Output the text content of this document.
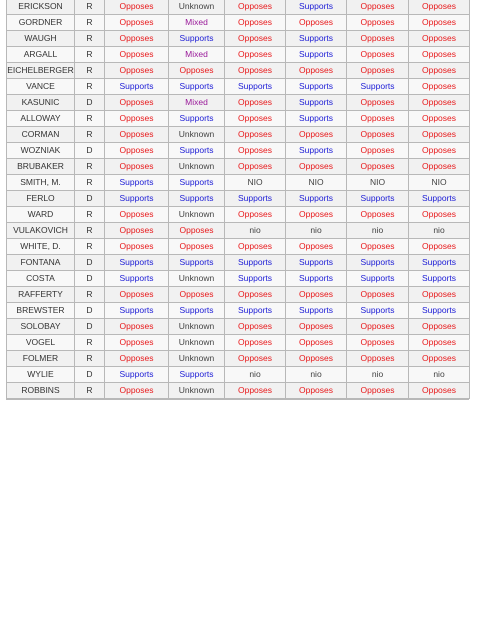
ERICKSON	R	Opposes	Unknown	Opposes	Supports	Opposes	Opposes
GORDNER	R	Opposes	Mixed	Opposes	Opposes	Opposes	Opposes
WAUGH	R	Opposes	Supports	Opposes	Supports	Opposes	Opposes
ARGALL	R	Opposes	Mixed	Opposes	Supports	Opposes	Opposes
EICHELBERGER	R	Opposes	Opposes	Opposes	Opposes	Opposes	Opposes
VANCE	R	Supports	Supports	Supports	Supports	Supports	Opposes
KASUNIC	D	Opposes	Mixed	Opposes	Supports	Opposes	Opposes
ALLOWAY	R	Opposes	Supports	Opposes	Supports	Opposes	Opposes
CORMAN	R	Opposes	Unknown	Opposes	Opposes	Opposes	Opposes
WOZNIAK	D	Opposes	Supports	Opposes	Supports	Opposes	Opposes
BRUBAKER	R	Opposes	Unknown	Opposes	Opposes	Opposes	Opposes
SMITH, M.	R	Supports	Supports	NIO	NIO	NIO	NIO
FERLO	D	Supports	Supports	Supports	Supports	Supports	Supports
WARD	R	Opposes	Unknown	Opposes	Opposes	Opposes	Opposes
VULAKOVICH	R	Opposes	Opposes	nio	nio	nio	nio
WHITE, D.	R	Opposes	Opposes	Opposes	Opposes	Opposes	Opposes
FONTANA	D	Supports	Supports	Supports	Supports	Supports	Supports
COSTA	D	Supports	Unknown	Supports	Supports	Supports	Supports
RAFFERTY	R	Opposes	Opposes	Opposes	Opposes	Opposes	Opposes
BREWSTER	D	Supports	Supports	Supports	Supports	Supports	Supports
SOLOBAY	D	Opposes	Unknown	Opposes	Opposes	Opposes	Opposes
VOGEL	R	Opposes	Unknown	Opposes	Opposes	Opposes	Opposes
FOLMER	R	Opposes	Unknown	Opposes	Opposes	Opposes	Opposes
WYLIE	D	Supports	Supports	nio	nio	nio	nio
ROBBINS	R	Opposes	Unknown	Opposes	Opposes	Opposes	Opposes
